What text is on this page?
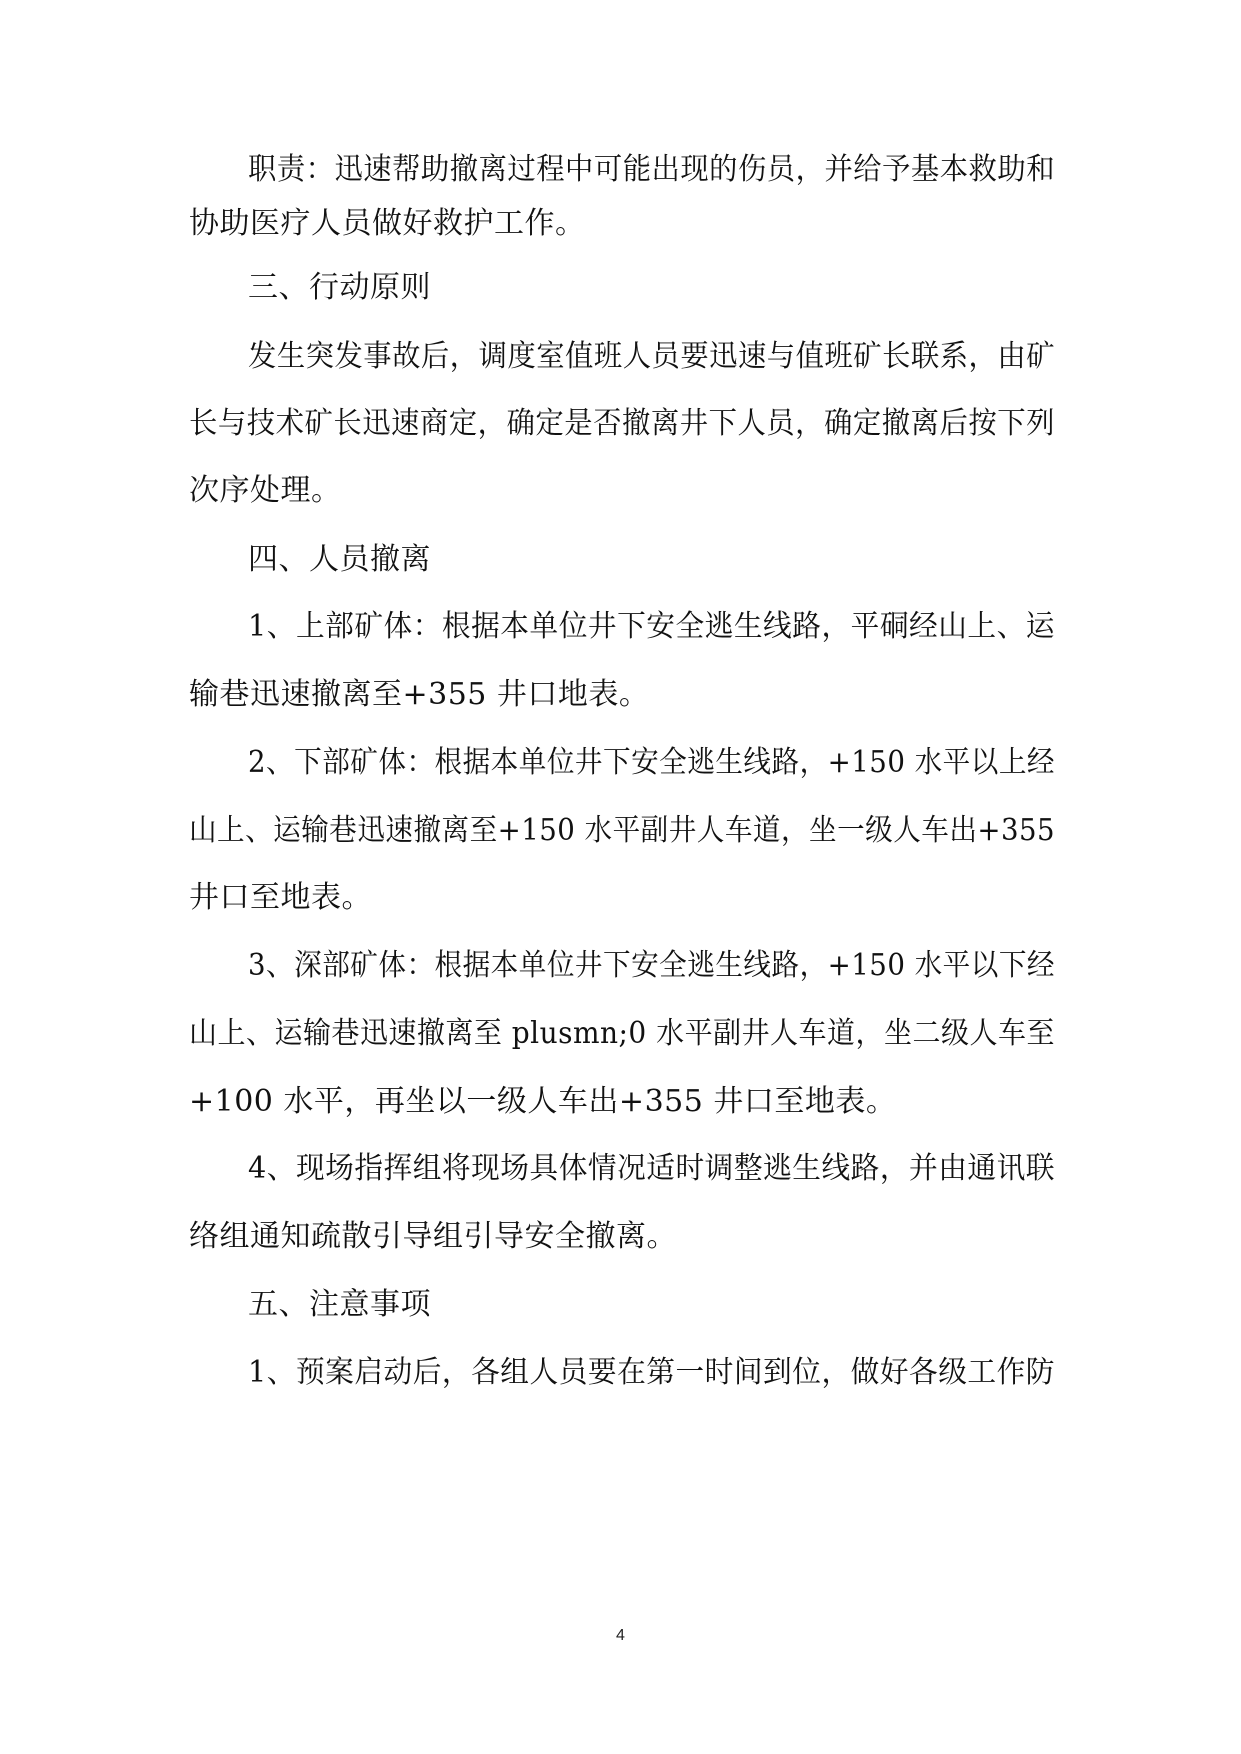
职责：迅速帮助撤离过程中可能出现的伤员，并给予基本救助和
协助医疗人员做好救护工作。
三、行动原则
发生突发事故后，调度室值班人员要迅速与值班矿长联系，由矿
长与技术矿长迅速商定，确定是否撤离井下人员，确定撤离后按下列
次序处理。
四、人员撤离
1、上部矿体：根据本单位井下安全逃生线路，平硐经山上、运
输巷迅速撤离至+355 井口地表。
2、下部矿体：根据本单位井下安全逃生线路，+150 水平以上经
山上、运输巷迅速撤离至+150 水平副井人车道，坐一级人车出+355
井口至地表。
3、深部矿体：根据本单位井下安全逃生线路，+150 水平以下经
山上、运输巷迅速撤离至 plusmn;0 水平副井人车道，坐二级人车至
+100 水平，再坐以一级人车出+355 井口至地表。
4、现场指挥组将现场具体情况适时调整逃生线路，并由通讯联
络组通知疏散引导组引导安全撤离。
五、注意事项
1、预案启动后，各组人员要在第一时间到位，做好各级工作防
4
